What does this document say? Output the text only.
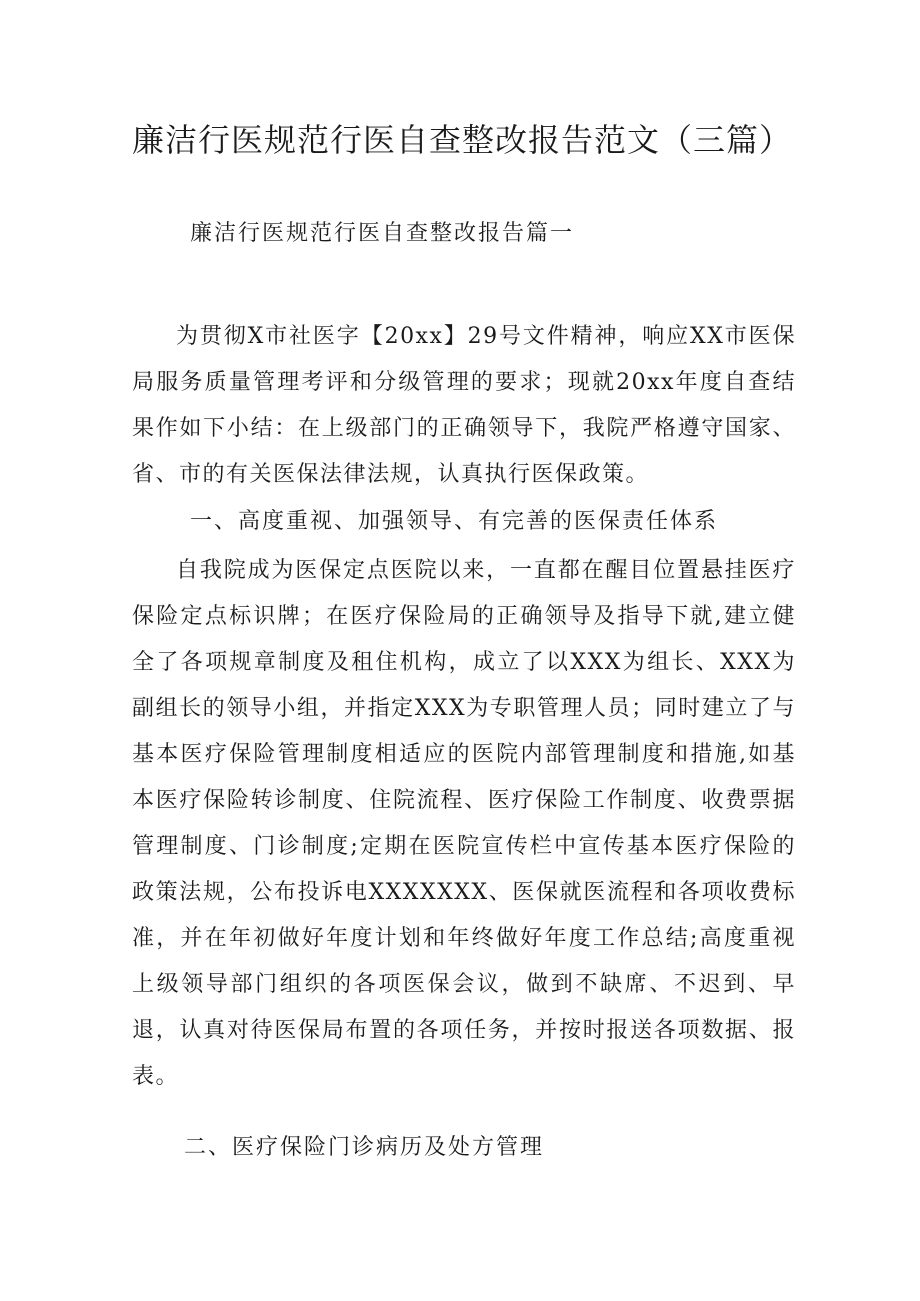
廉洁行医规范行医自查整改报告范文（三篇）
廉洁行医规范行医自查整改报告篇一

为贯彻X市社医字【20xx】29号文件精神，响应XX市医保局服务质量管理考评和分级管理的要求；现就20xx年度自查结果作如下小结：在上级部门的正确领导下，我院严格遵守国家、省、市的有关医保法律法规，认真执行医保政策。

一、高度重视、加强领导、有完善的医保责任体系

自我院成为医保定点医院以来，一直都在醒目位置悬挂医疗保险定点标识牌；在医疗保险局的正确领导及指导下就,建立健全了各项规章制度及租住机构，成立了以XXX为组长、XXX为副组长的领导小组，并指定XXX为专职管理人员；同时建立了与基本医疗保险管理制度相适应的医院内部管理制度和措施,如基本医疗保险转诊制度、住院流程、医疗保险工作制度、收费票据管理制度、门诊制度;定期在医院宣传栏中宣传基本医疗保险的政策法规，公布投诉电XXXXXXX、医保就医流程和各项收费标准，并在年初做好年度计划和年终做好年度工作总结;高度重视上级领导部门组织的各项医保会议，做到不缺席、不迟到、早退，认真对待医保局布置的各项任务，并按时报送各项数据、报表。

二、医疗保险门诊病历及处方管理
